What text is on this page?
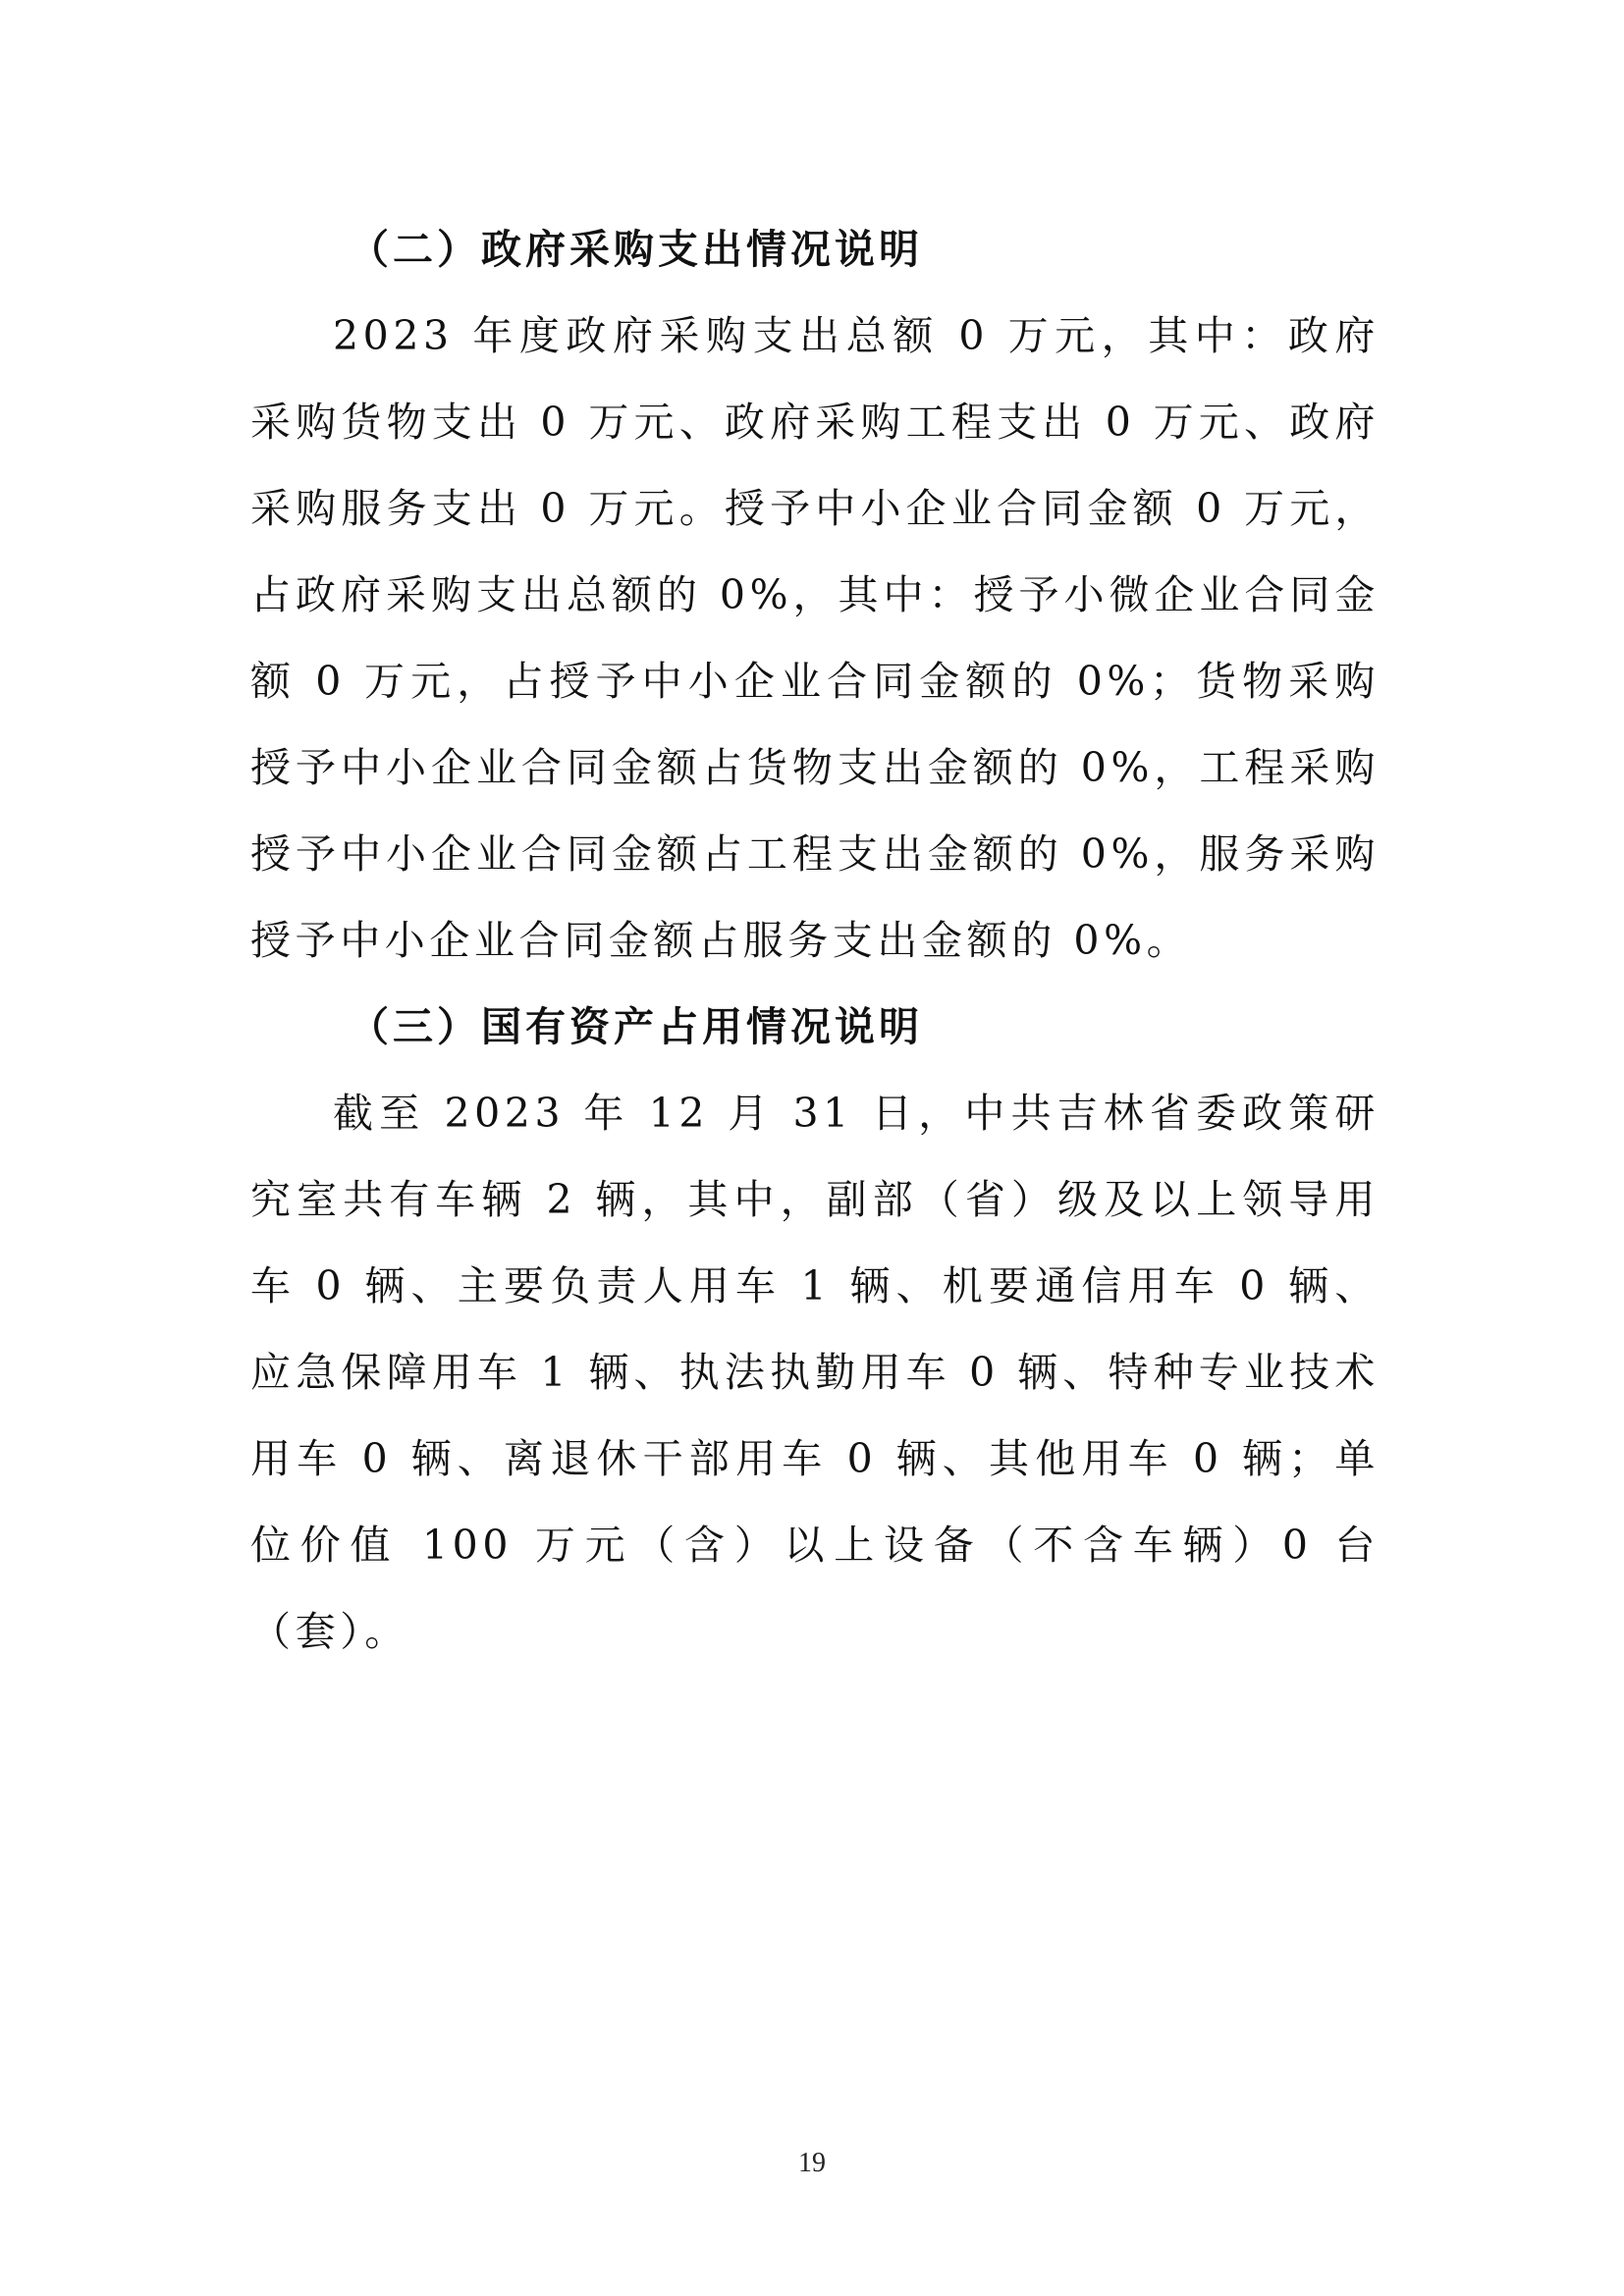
（二）政府采购支出情况说明

2023 年度政府采购支出总额 0 万元，其中：政府采购货物支出 0 万元、政府采购工程支出 0 万元、政府采购服务支出 0 万元。授予中小企业合同金额 0 万元，占政府采购支出总额的 0%，其中：授予小微企业合同金额 0 万元，占授予中小企业合同金额的 0%；货物采购授予中小企业合同金额占货物支出金额的 0%，工程采购授予中小企业合同金额占工程支出金额的 0%，服务采购授予中小企业合同金额占服务支出金额的 0%。

（三）国有资产占用情况说明

截至 2023 年 12 月 31 日，中共吉林省委政策研究室共有车辆 2 辆，其中，副部（省）级及以上领导用车 0 辆、主要负责人用车 1 辆、机要通信用车 0 辆、应急保障用车 1 辆、执法执勤用车 0 辆、特种专业技术用车 0 辆、离退休干部用车 0 辆、其他用车 0 辆；单位价值 100 万元（含）以上设备（不含车辆）0 台（套）。

19
